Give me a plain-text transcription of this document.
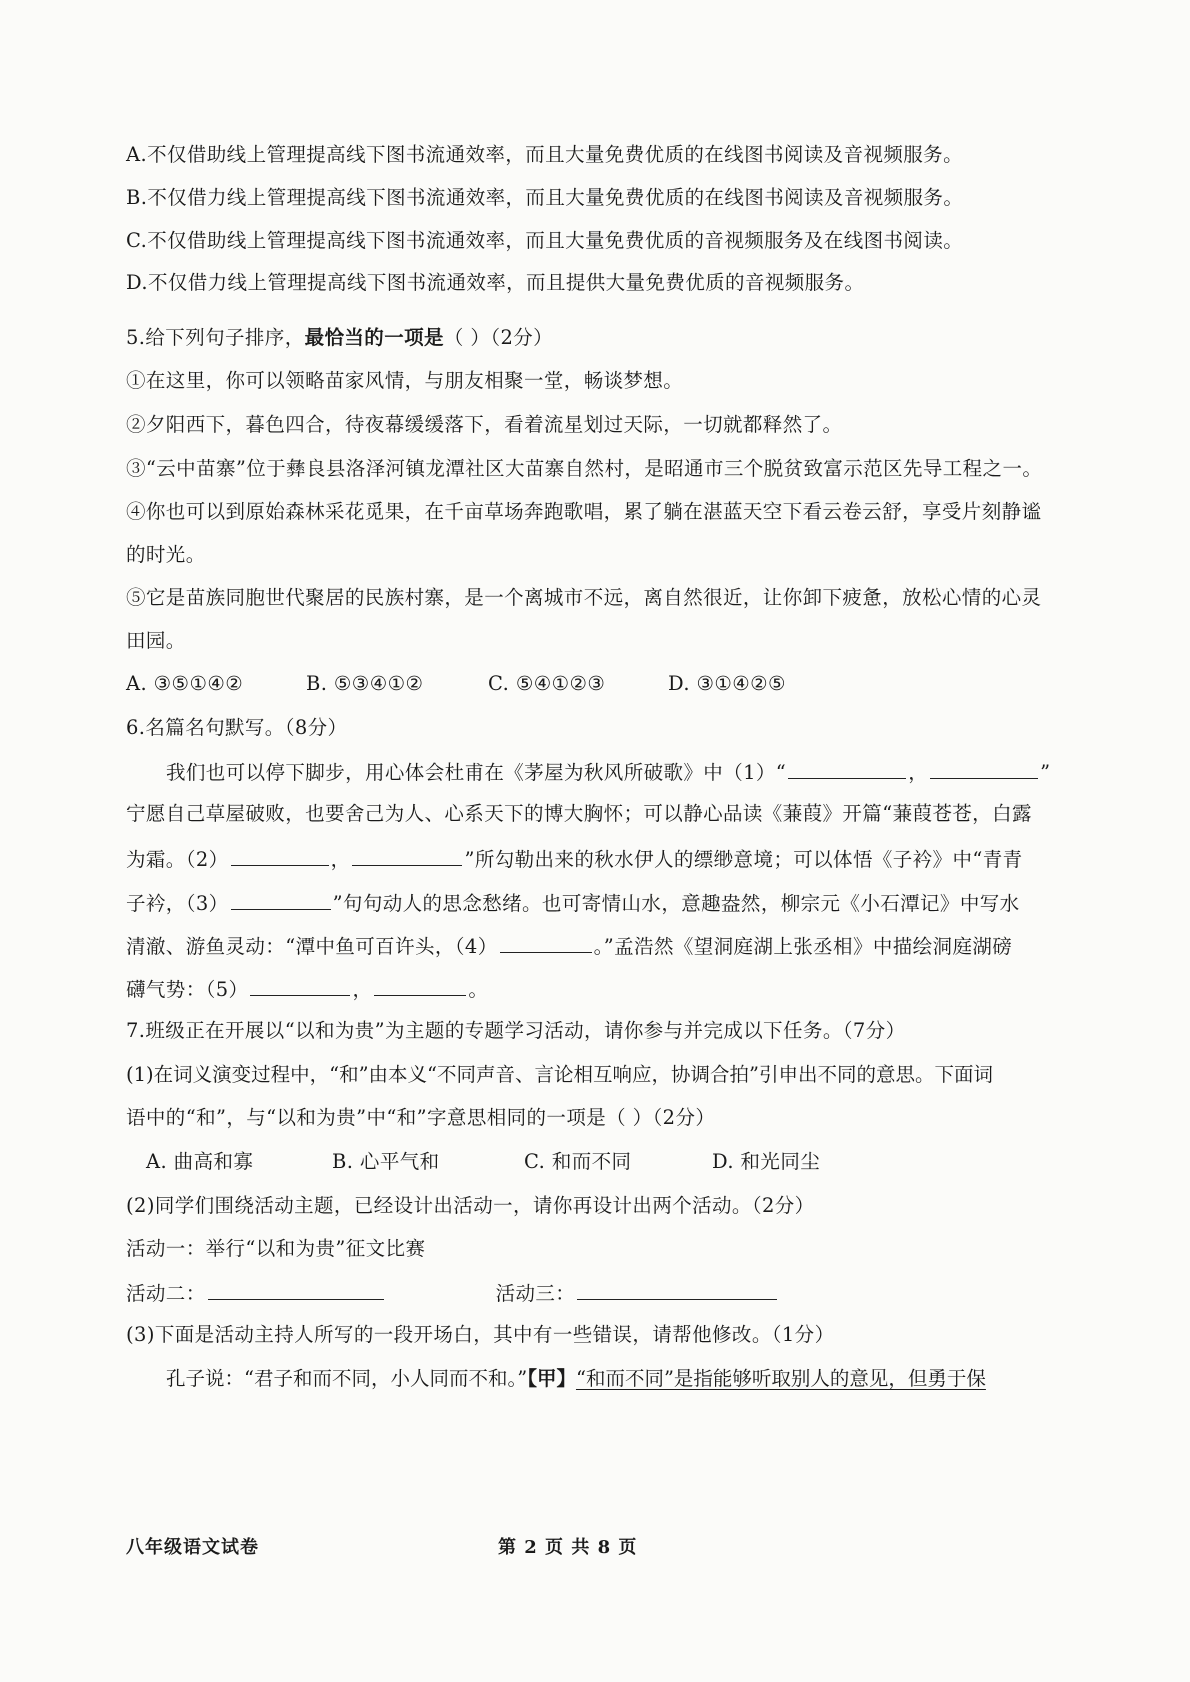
A.不仅借助线上管理提高线下图书流通效率，而且大量免费优质的在线图书阅读及音视频服务。
B.不仅借力线上管理提高线下图书流通效率，而且大量免费优质的在线图书阅读及音视频服务。
C.不仅借助线上管理提高线下图书流通效率，而且大量免费优质的音视频服务及在线图书阅读。
D.不仅借力线上管理提高线下图书流通效率，而且提供大量免费优质的音视频服务。
5.给下列句子排序，最恰当的一项是（ ）（2分）
①在这里，你可以领略苗家风情，与朋友相聚一堂，畅谈梦想。
②夕阳西下，暮色四合，待夜幕缓缓落下，看着流星划过天际，一切就都释然了。
③“云中苗寨”位于彝良县洛泽河镇龙潭社区大苗寨自然村，是昭通市三个脱贫致富示范区先导工程之一。
④你也可以到原始森林采花觅果，在千亩草场奔跑歌唱，累了躺在湛蓝天空下看云卷云舒，享受片刻静谧
的时光。
⑤它是苗族同胞世代聚居的民族村寨，是一个离城市不远，离自然很近，让你卸下疲惫，放松心情的心灵
田园。
A. ③⑤①④②	B. ⑤③④①②	C. ⑤④①②③	D. ③①④②⑤
6.名篇名句默写。（8分）
我们也可以停下脚步，用心体会杜甫在《茅屋为秋风所破歌》中（1）“	，	”
宁愿自己草屋破败，也要舍己为人、心系天下的博大胸怀；可以静心品读《蒹葭》开篇“蒹葭苍苍，白露
为霜。（2）	，	”所勾勒出来的秋水伊人的缥缈意境；可以体悟《子衿》中“青青
子衿，（3）	”句句动人的思念愁绪。也可寄情山水，意趣盎然，柳宗元《小石潭记》中写水
清澈、游鱼灵动：“潭中鱼可百许头，（4）	。”孟浩然《望洞庭湖上张丞相》中描绘洞庭湖磅
礴气势：（5）	，	。
7.班级正在开展以“以和为贵”为主题的专题学习活动，请你参与并完成以下任务。（7分）
(1)在词义演变过程中，“和”由本义“不同声音、言论相互响应，协调合拍”引申出不同的意思。下面词
语中的“和”，与“以和为贵”中“和”字意思相同的一项是（ ）（2分）
A. 曲高和寡	B. 心平气和	C. 和而不同	D. 和光同尘
(2)同学们围绕活动主题，已经设计出活动一，请你再设计出两个活动。（2分）
活动一：举行“以和为贵”征文比赛
活动二：	活动三：
(3)下面是活动主持人所写的一段开场白，其中有一些错误，请帮他修改。（1分）
孔子说：“君子和而不同，小人同而不和。”【甲】“和而不同”是指能够听取别人的意见，但勇于保
八年级语文试卷	第 2 页 共 8 页
